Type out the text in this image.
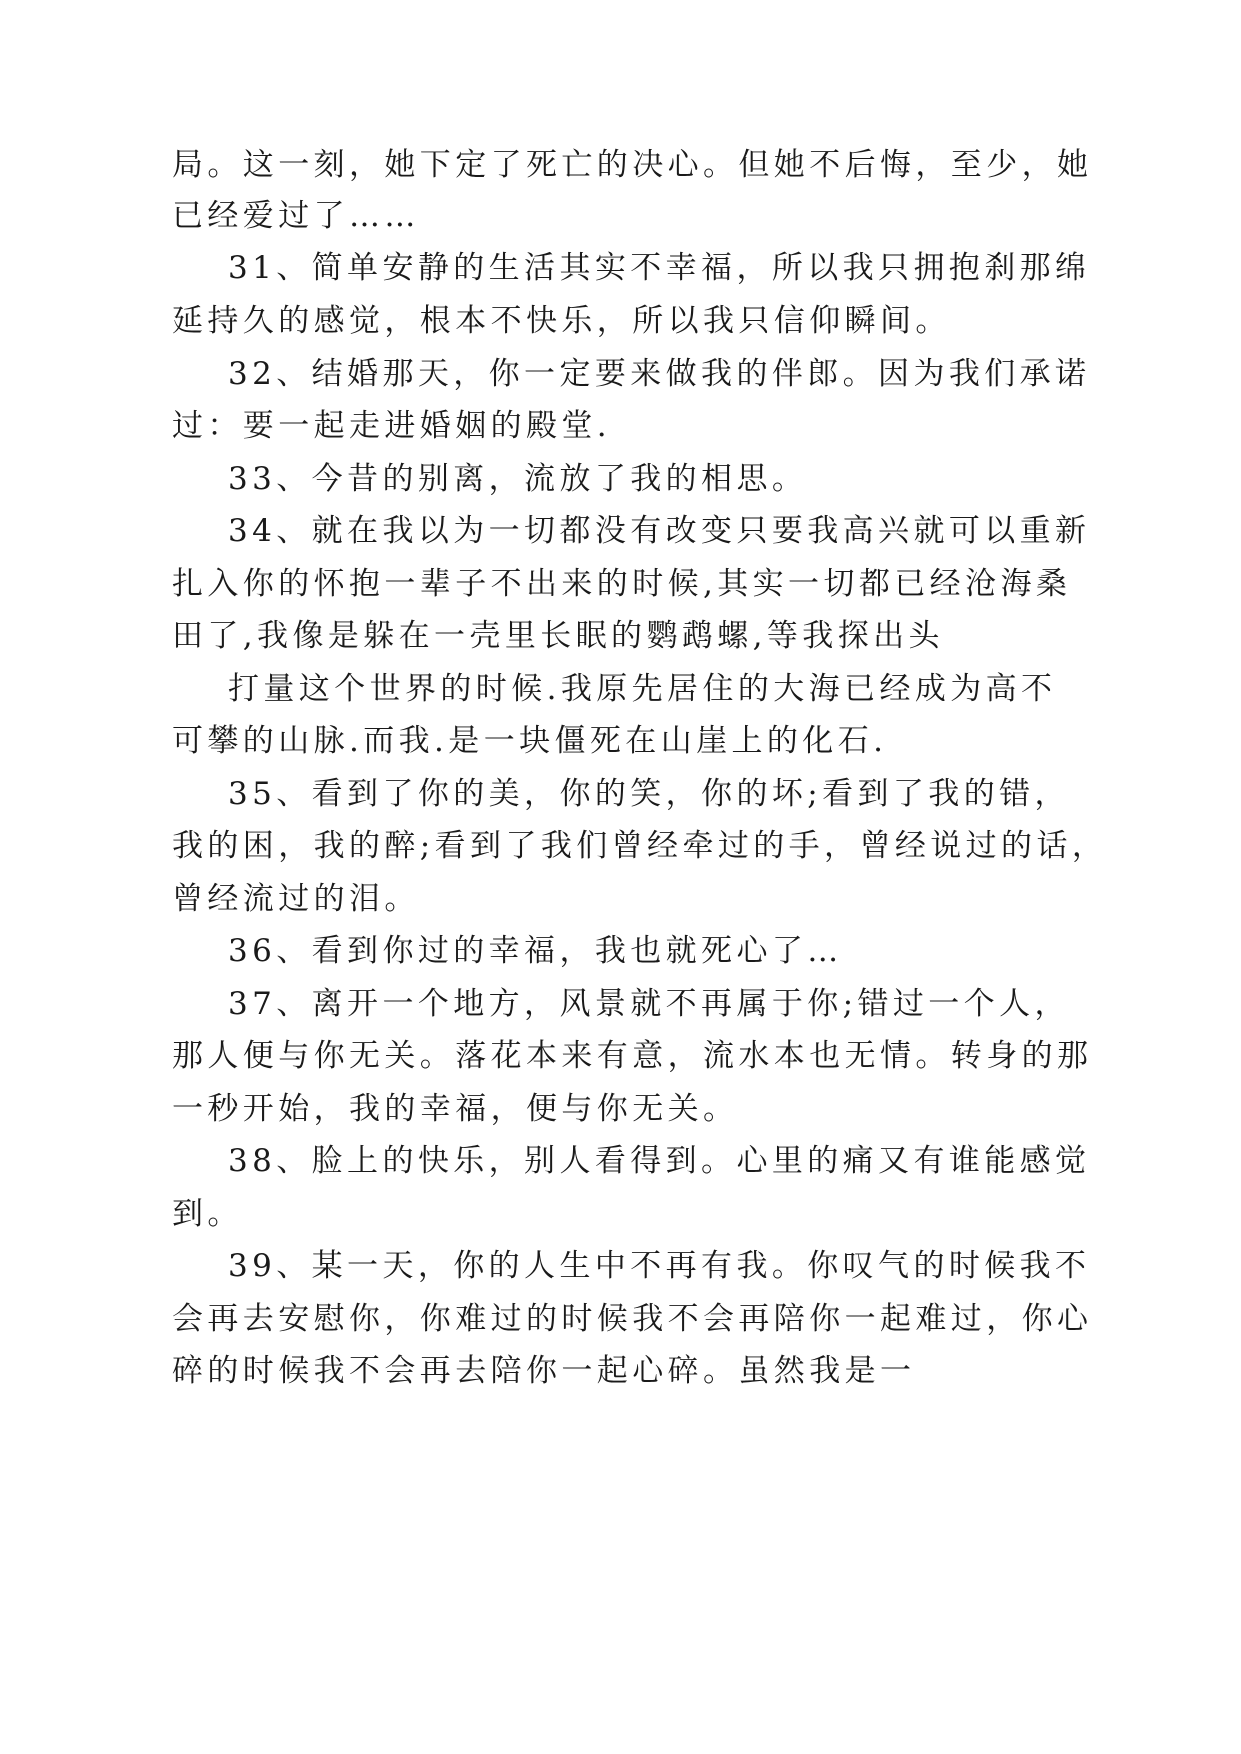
局。这一刻，她下定了死亡的决心。但她不后悔，至少，她
已经爱过了……
31、简单安静的生活其实不幸福，所以我只拥抱刹那绵
延持久的感觉，根本不快乐，所以我只信仰瞬间。
32、结婚那天，你一定要来做我的伴郎。因为我们承诺
过：要一起走进婚姻的殿堂.
33、今昔的别离，流放了我的相思。
34、就在我以为一切都没有改变只要我高兴就可以重新
扎入你的怀抱一辈子不出来的时候,其实一切都已经沧海桑
田了,我像是躲在一壳里长眠的鹦鹉螺,等我探出头
打量这个世界的时候.我原先居住的大海已经成为高不
可攀的山脉.而我.是一块僵死在山崖上的化石.
35、看到了你的美，你的笑，你的坏;看到了我的错，
我的困，我的醉;看到了我们曾经牵过的手，曾经说过的话，
曾经流过的泪。
36、看到你过的幸福，我也就死心了…
37、离开一个地方，风景就不再属于你;错过一个人，
那人便与你无关。落花本来有意，流水本也无情。转身的那
一秒开始，我的幸福，便与你无关。
38、脸上的快乐，别人看得到。心里的痛又有谁能感觉
到。
39、某一天，你的人生中不再有我。你叹气的时候我不
会再去安慰你，你难过的时候我不会再陪你一起难过，你心
碎的时候我不会再去陪你一起心碎。虽然我是一
